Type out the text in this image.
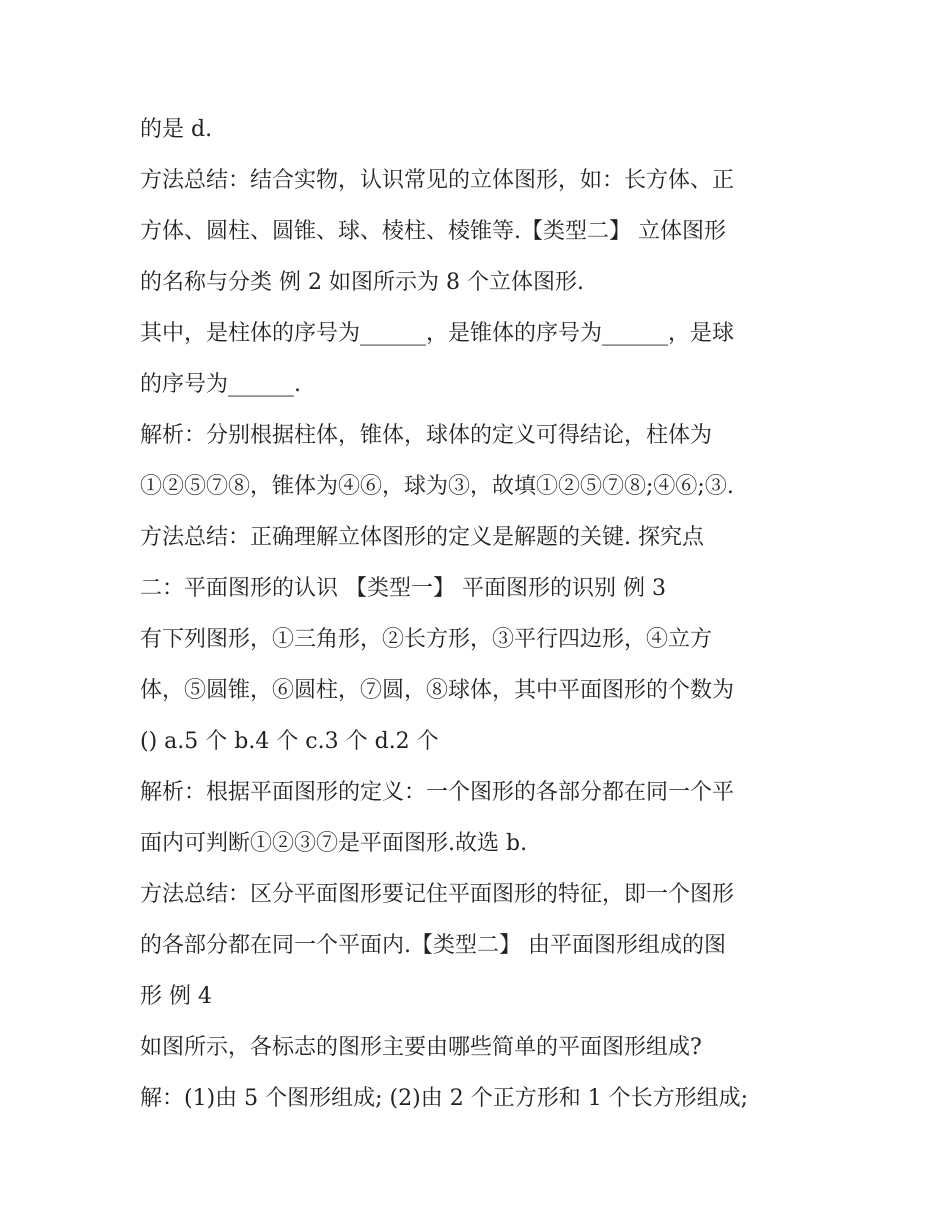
的是 d.
方法总结：结合实物，认识常见的立体图形，如：长方体、正
方体、圆柱、圆锥、球、棱柱、棱锥等.【类型二】 立体图形
的名称与分类 例 2 如图所示为 8 个立体图形.
其中，是柱体的序号为______，是锥体的序号为______，是球
的序号为______.
解析：分别根据柱体，锥体，球体的定义可得结论，柱体为
①②⑤⑦⑧，锥体为④⑥，球为③，故填①②⑤⑦⑧;④⑥;③.
方法总结：正确理解立体图形的定义是解题的关键. 探究点
二：平面图形的认识 【类型一】 平面图形的识别 例 3
有下列图形，①三角形，②长方形，③平行四边形，④立方
体，⑤圆锥，⑥圆柱，⑦圆，⑧球体，其中平面图形的个数为
() a.5 个 b.4 个 c.3 个 d.2 个
解析：根据平面图形的定义：一个图形的各部分都在同一个平
面内可判断①②③⑦是平面图形.故选 b.
方法总结：区分平面图形要记住平面图形的特征，即一个图形
的各部分都在同一个平面内.【类型二】 由平面图形组成的图
形 例 4
如图所示，各标志的图形主要由哪些简单的平面图形组成?
解：(1)由 5 个图形组成; (2)由 2 个正方形和 1 个长方形组成;
